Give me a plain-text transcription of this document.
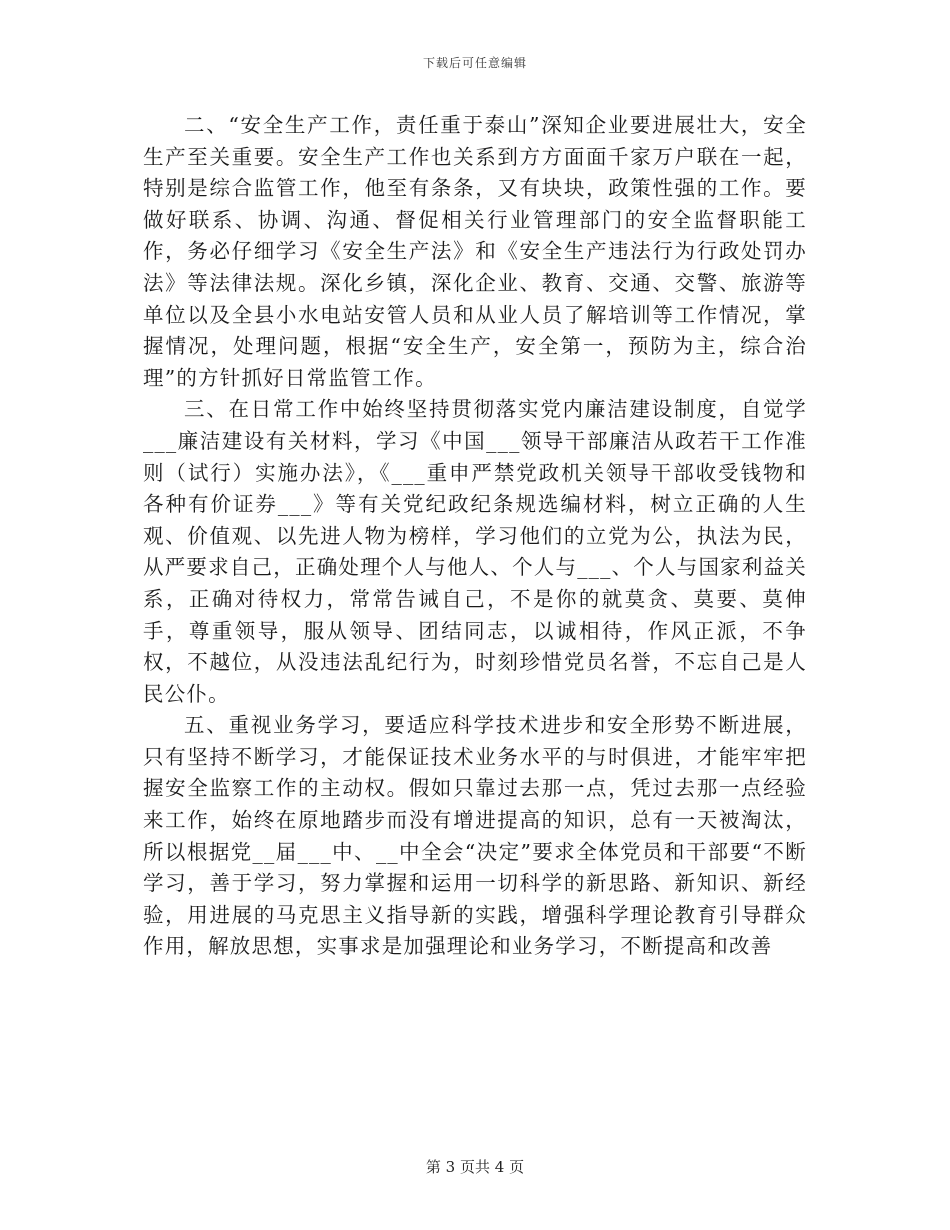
下载后可任意编辑

二、“安全生产工作，责任重于泰山”深知企业要进展壮大，安全生产至关重要。安全生产工作也关系到方方面面千家万户联在一起，特别是综合监管工作，他至有条条，又有块块，政策性强的工作。要做好联系、协调、沟通、督促相关行业管理部门的安全监督职能工作，务必仔细学习《安全生产法》和《安全生产违法行为行政处罚办法》等法律法规。深化乡镇，深化企业、教育、交通、交警、旅游等单位以及全县小水电站安管人员和从业人员了解培训等工作情况，掌握情况，处理问题，根据“安全生产，安全第一，预防为主，综合治理”的方针抓好日常监管工作。

三、在日常工作中始终坚持贯彻落实党内廉洁建设制度，自觉学___廉洁建设有关材料，学习《中国___领导干部廉洁从政若干工作准则（试行）实施办法》，《___重申严禁党政机关领导干部收受钱物和各种有价证券___》等有关党纪政纪条规选编材料，树立正确的人生观、价值观、以先进人物为榜样，学习他们的立党为公，执法为民，从严要求自己，正确处理个人与他人、个人与___、个人与国家利益关系，正确对待权力，常常告诫自己，不是你的就莫贪、莫要、莫伸手，尊重领导，服从领导、团结同志，以诚相待，作风正派，不争权，不越位，从没违法乱纪行为，时刻珍惜党员名誉，不忘自己是人民公仆。

五、重视业务学习，要适应科学技术进步和安全形势不断进展，只有坚持不断学习，才能保证技术业务水平的与时俱进，才能牢牢把握安全监察工作的主动权。假如只靠过去那一点，凭过去那一点经验来工作，始终在原地踏步而没有增进提高的知识，总有一天被淘汰，所以根据党__届___中、__中全会“决定”要求全体党员和干部要“不断学习，善于学习，努力掌握和运用一切科学的新思路、新知识、新经验，用进展的马克思主义指导新的实践，增强科学理论教育引导群众作用，解放思想，实事求是加强理论和业务学习，不断提高和改善

第 3 页共 4 页
